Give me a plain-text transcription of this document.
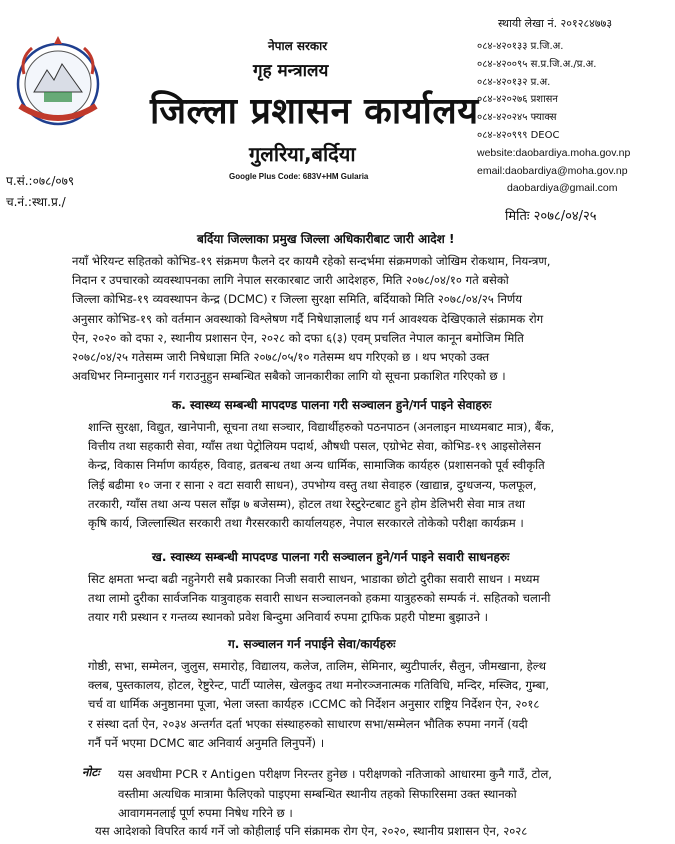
नेपाल सरकार
गृह मन्त्रालय
जिल्ला प्रशासन कार्यालय
गुलरिया,बर्दिया
Google Plus Code: 683V+HM Gularia
प.सं.:०७८/०७९
च.नं.:स्था.प्र./
स्थायी लेखा नं. २०१२८४७७३
०८४-४२०१३३ प्र.जि.अ.
०८४-४२००९५ स.प्र.जि.अ./प्र.अ.
०८४-४२०१३२ प्र.अ.
०८४-४२०२७६ प्रशासन
०८४-४२०२४५ फ्याक्स
०८४-४२०९९९ DEOC
website:daobardiya.moha.gov.np
email:daobardiya@moha.gov.np
daobardiya@gmail.com
मितिः २०७८/०४/२५
बर्दिया जिल्लाका प्रमुख जिल्ला अधिकारीबाट जारी आदेश !
नयाँ भेरियन्ट सहितको कोभिड-१९ संक्रमण फैलने दर कायमै रहेको सन्दर्भमा संक्रमणको जोखिम रोकथाम, नियन्त्रण,
निदान र उपचारको व्यवस्थापनका लागि नेपाल सरकारबाट जारी आदेशहरु, मिति २०७८/०४/१० गते बसेको
जिल्ला कोभिड-१९ व्यवस्थापन केन्द्र (DCMC) र जिल्ला सुरक्षा समिति, बर्दियाको मिति २०७८/०४/२५ निर्णय
अनुसार कोभिड-१९ को वर्तमान अवस्थाको विश्लेषण गर्दै निषेधाज्ञालाई थप गर्न आवश्यक देखिएकाले संक्रामक रोग
ऐन, २०२० को दफा २, स्थानीय प्रशासन ऐन, २०२८ को दफा ६(३) एवम् प्रचलित नेपाल कानून बमोजिम मिति
२०७८/०४/२५ गतेसम्म जारी निषेधाज्ञा मिति २०७८/०५/१० गतेसम्म थप गरिएको छ । थप भएको उक्त
अवधिभर निम्नानुसार गर्न गराउनुहुन सम्बन्धित सबैको जानकारीका लागि यो सूचना प्रकाशित गरिएको छ ।
क. स्वास्थ्य सम्बन्धी मापदण्ड पालना गरी सञ्चालन हुने/गर्न पाइने सेवाहरुः
शान्ति सुरक्षा, विद्युत, खानेपानी, सूचना तथा सञ्चार, विद्यार्थीहरुको पठनपाठन (अनलाइन माध्यमबाट मात्र), बैंक,
वित्तीय तथा सहकारी सेवा, ग्याँस तथा पेट्रोलियम पदार्थ, औषधी पसल, एग्रोभेट सेवा, कोभिड-१९ आइसोलेसन
केन्द्र, विकास निर्माण कार्यहरु, विवाह, व्रतबन्ध तथा अन्य धार्मिक, सामाजिक कार्यहरु (प्रशासनको पूर्व स्वीकृति
लिई बढीमा १० जना र साना २ वटा सवारी साधन), उपभोग्य वस्तु तथा सेवाहरु (खाद्यान्न, दुग्धजन्य, फलफूल,
तरकारी, ग्याँस तथा अन्य पसल साँझ ७ बजेसम्म), होटल तथा रेस्टुरेन्टबाट हुने होम डेलिभरी सेवा मात्र तथा
कृषि कार्य, जिल्लास्थित सरकारी तथा गैरसरकारी कार्यालयहरु, नेपाल सरकारले तोकेको परीक्षा कार्यक्रम ।
ख. स्वास्थ्य सम्बन्धी मापदण्ड पालना गरी सञ्चालन हुने/गर्न पाइने सवारी साधनहरुः
सिट क्षमता भन्दा बढी नहुनेगरी सबै प्रकारका निजी सवारी साधन, भाडाका छोटो दुरीका सवारी साधन । मध्यम
तथा लामो दुरीका सार्वजनिक यात्रुवाहक सवारी साधन सञ्चालनको हकमा यात्रुहरुको सम्पर्क नं. सहितको चलानी
तयार गरी प्रस्थान र गन्तव्य स्थानको प्रवेश बिन्दुमा अनिवार्य रुपमा ट्राफिक प्रहरी पोष्टमा बुझाउने ।
ग. सञ्चालन गर्न नपाईने सेवा/कार्यहरुः
गोष्ठी, सभा, सम्मेलन, जुलुस, समारोह, विद्यालय, कलेज, तालिम, सेमिनार, ब्युटीपार्लर, सैलुन, जीमखाना, हेल्थ
क्लब, पुस्तकालय, होटल, रेष्टुरेन्ट, पार्टी प्यालेस, खेलकुद तथा मनोरञ्जनात्मक गतिविधि, मन्दिर, मस्जिद, गुम्बा,
चर्च वा धार्मिक अनुष्ठानमा पूजा, भेला जस्ता कार्यहरु ।CCMC को निर्देशन अनुसार राष्ट्रिय निर्देशन ऐन, २०१८
र संस्था दर्ता ऐन, २०३४ अन्तर्गत दर्ता भएका संस्थाहरुको साधारण सभा/सम्मेलन भौतिक रुपमा नगर्ने (यदी
गर्नै पर्ने भएमा DCMC बाट अनिवार्य अनुमति लिनुपर्ने) ।
नोटः यस अवधीमा PCR र Antigen परीक्षण निरन्तर हुनेछ । परीक्षणको नतिजाको आधारमा कुनै गाउँ, टोल,
वस्तीमा अत्यधिक मात्रामा फैलिएको पाइएमा सम्बन्धित स्थानीय तहको सिफारिसमा उक्त स्थानको
आवागमनलाई पूर्ण रुपमा निषेध गरिने छ ।
यस आदेशको विपरित कार्य गर्ने जो कोहीलाई पनि संक्रामक रोग ऐन, २०२०, स्थानीय प्रशासन ऐन, २०२८
